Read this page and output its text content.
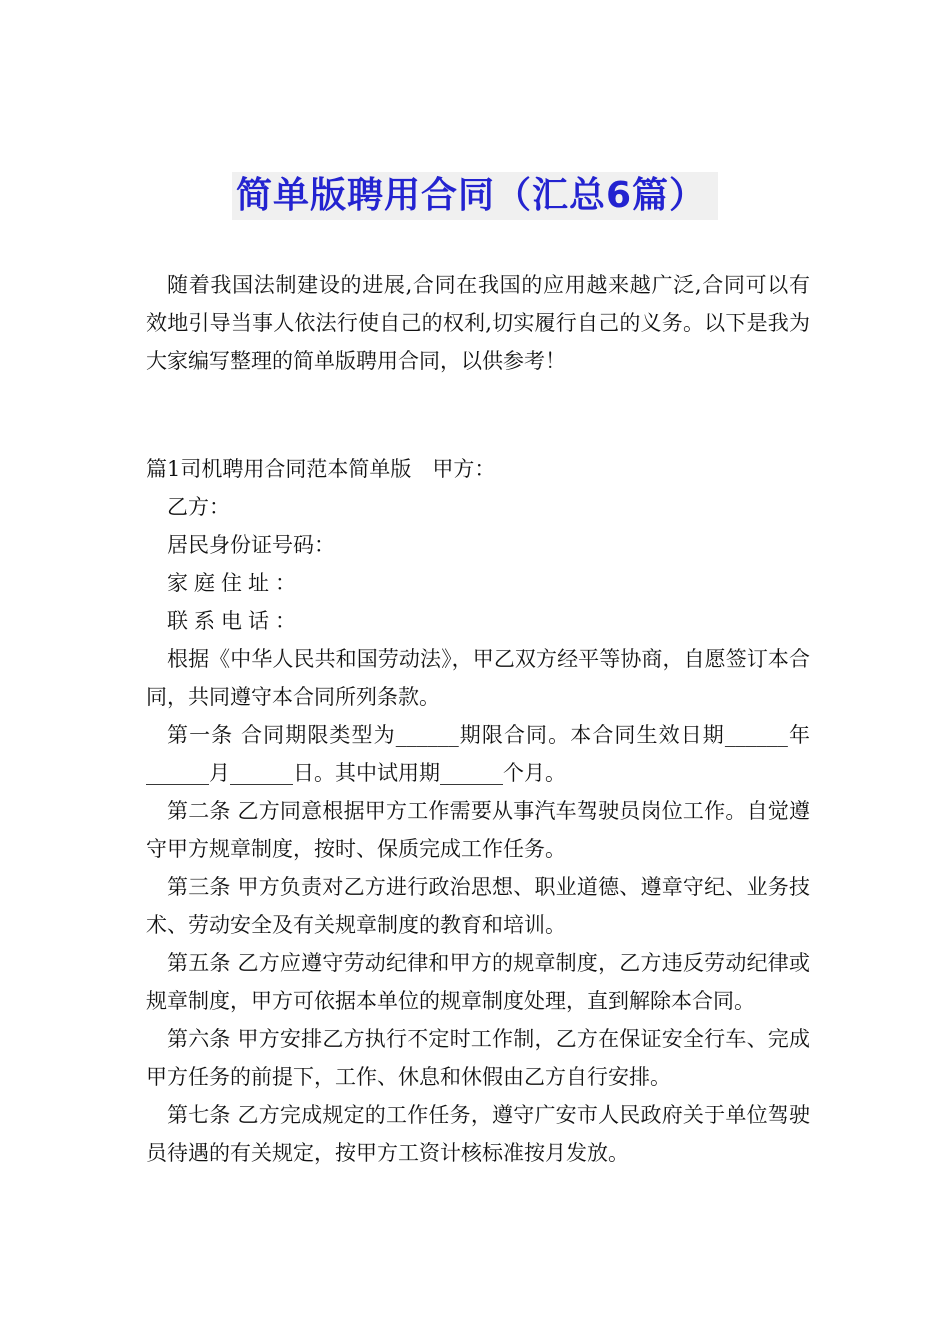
简单版聘用合同（汇总6篇）

随着我国法制建设的进展,合同在我国的应用越来越广泛,合同可以有效地引导当事人依法行使自己的权利,切实履行自己的义务。以下是我为大家编写整理的简单版聘用合同，以供参考！

篇1司机聘用合同范本简单版　甲方：

乙方：

居民身份证号码：

家庭住址：

联系电话：

根据《中华人民共和国劳动法》，甲乙双方经平等协商，自愿签订本合同，共同遵守本合同所列条款。

第一条 合同期限类型为______期限合同。本合同生效日期______年______月______日。其中试用期______个月。

第二条 乙方同意根据甲方工作需要从事汽车驾驶员岗位工作。自觉遵守甲方规章制度，按时、保质完成工作任务。

第三条 甲方负责对乙方进行政治思想、职业道德、遵章守纪、业务技术、劳动安全及有关规章制度的教育和培训。

第五条 乙方应遵守劳动纪律和甲方的规章制度，乙方违反劳动纪律或规章制度，甲方可依据本单位的规章制度处理，直到解除本合同。

第六条 甲方安排乙方执行不定时工作制，乙方在保证安全行车、完成甲方任务的前提下，工作、休息和休假由乙方自行安排。

第七条 乙方完成规定的工作任务，遵守广安市人民政府关于单位驾驶员待遇的有关规定，按甲方工资计核标准按月发放。
